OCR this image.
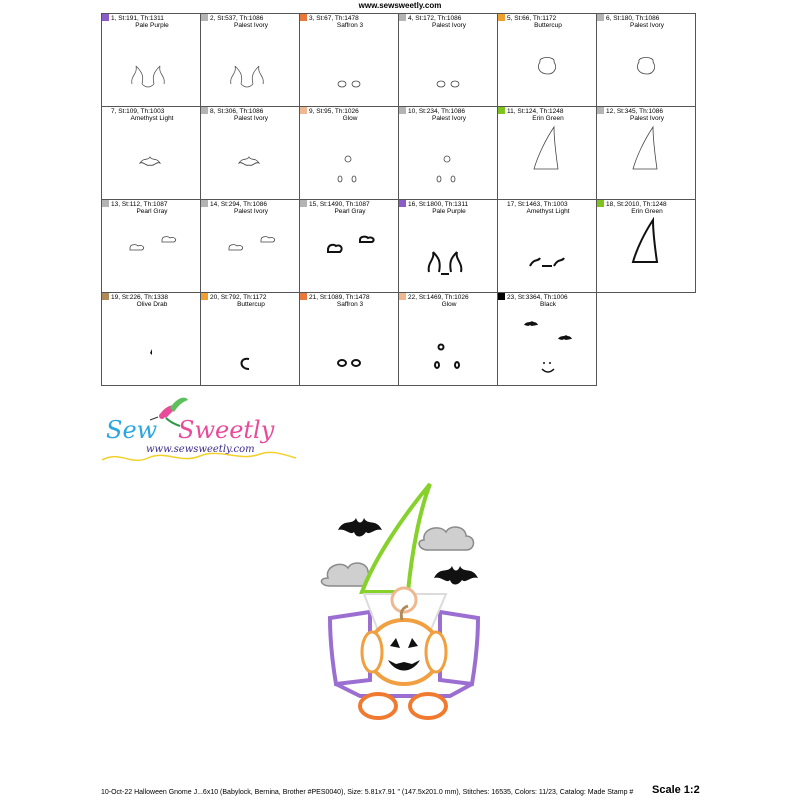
www.sewsweetly.com
1, St:191, Th:1311
Pale Purple
2, St:537, Th:1086
Palest Ivory
3, St:67, Th:1478
Saffron 3
4, St:172, Th:1086
Palest Ivory
5, St:66, Th:1172
Buttercup
6, St:180, Th:1086
Palest Ivory
7, St:109, Th:1003
Amethyst Light
8, St:306, Th:1086
Palest Ivory
9, St:95, Th:1026
Glow
10, St:234, Th:1086
Palest Ivory
11, St:124, Th:1248
Erin Green
12, St:345, Th:1086
Palest Ivory
13, St:112, Th:1087
Pearl Gray
14, St:294, Th:1086
Palest Ivory
15, St:1490, Th:1087
Pearl Gray
16, St:1800, Th:1311
Pale Purple
17, St:1463, Th:1003
Amethyst Light
18, St:2010, Th:1248
Erin Green
19, St:226, Th:1338
Olive Drab
20, St:792, Th:1172
Buttercup
21, St:1089, Th:1478
Saffron 3
22, St:1469, Th:1026
Glow
23, St:3364, Th:1006
Black
Sew Sweetly
www.sewsweetly.com
10-Oct-22 Halloween Gnome J...6x10 (Babylock, Bernina, Brother #PES0040), Size: 5.81x7.91 " (147.5x201.0 mm), Stitches: 16535, Colors: 11/23, Catalog: Made Stamp # Scale 1:2
